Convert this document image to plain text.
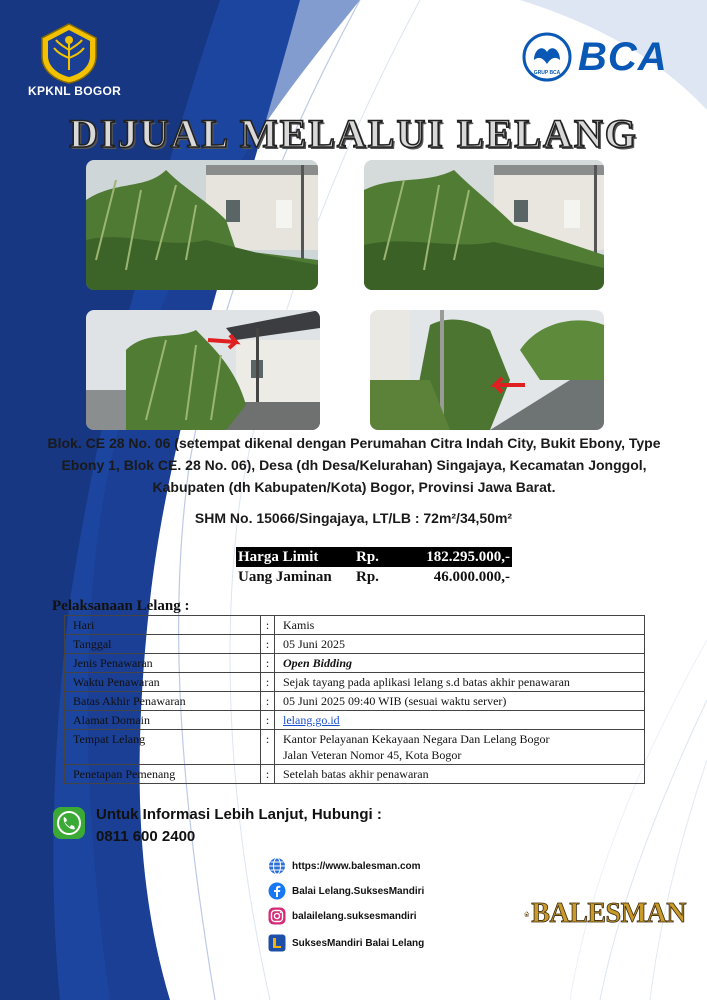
KPKNL BOGOR
GRUP BCA BCA
DIJUAL MELALUI LELANG
Blok. CE 28 No. 06 (setempat dikenal dengan Perumahan Citra Indah City, Bukit Ebony, Type
Ebony 1, Blok CE. 28 No. 06), Desa (dh Desa/Kelurahan) Singajaya, Kecamatan Jonggol,
Kabupaten (dh Kabupaten/Kota) Bogor, Provinsi Jawa Barat.
SHM No. 15066/Singajaya, LT/LB : 72m²/34,50m²
Harga Limit	Rp.	182.295.000,-
Uang Jaminan	Rp.	46.000.000,-
Pelaksanaan Lelang :
Hari	:	Kamis
Tanggal	:	05 Juni 2025
Jenis Penawaran	:	Open Bidding
Waktu Penawaran	:	Sejak tayang pada aplikasi lelang s.d batas akhir penawaran
Batas Akhir Penawaran	:	05 Juni 2025 09:40 WIB (sesuai waktu server)
Alamat Domain	:	lelang.go.id
Tempat Lelang	:	Kantor Pelayanan Kekayaan Negara Dan Lelang Bogor
Jalan Veteran Nomor 45, Kota Bogor

Penetapan Pemenang	:	Setelah batas akhir penawaran
Untuk Informasi Lebih Lanjut, Hubungi :
0811 600 2400
https://www.balesman.com
Balai Lelang.SuksesMandiri
balailelang.suksesmandiri
SuksesMandiri Balai Lelang
BALESMAN
